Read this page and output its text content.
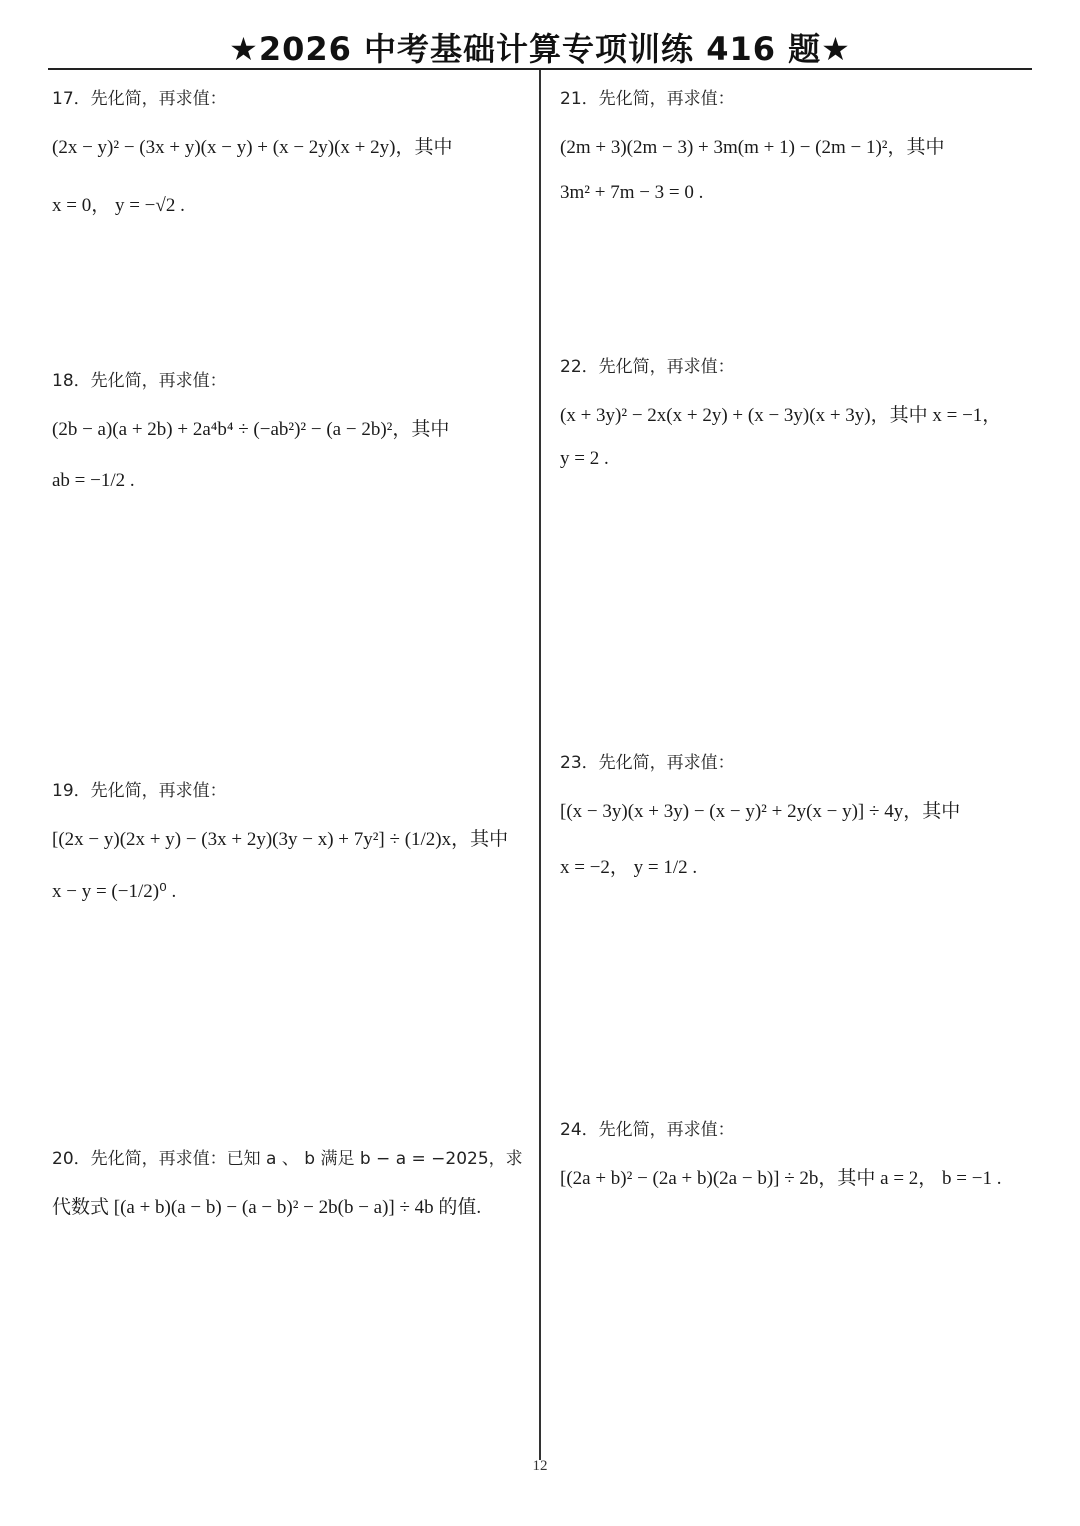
★2026 中考基础计算专项训练 416 题★
17．先化简，再求值：
(2x − y)² − (3x + y)(x − y) + (x − 2y)(x + 2y)，其中
x = 0， y = −√2 .
18．先化简，再求值：
(2b − a)(a + 2b) + 2a⁴b⁴ ÷ (−ab²)² − (a − 2b)²，其中
ab = −1/2 .
19．先化简，再求值：
[(2x − y)(2x + y) − (3x + 2y)(3y − x) + 7y²] ÷ (1/2)x，其中
x − y = (−1/2)⁰ .
20．先化简，再求值：已知 a 、 b 满足 b − a = −2025，求
代数式 [(a + b)(a − b) − (a − b)² − 2b(b − a)] ÷ 4b 的值.
21．先化简，再求值：
(2m + 3)(2m − 3) + 3m(m + 1) − (2m − 1)²，其中
3m² + 7m − 3 = 0 .
22．先化简，再求值：
(x + 3y)² − 2x(x + 2y) + (x − 3y)(x + 3y)，其中 x = −1，
y = 2 .
23．先化简，再求值：
[(x − 3y)(x + 3y) − (x − y)² + 2y(x − y)] ÷ 4y，其中
x = −2， y = 1/2 .
24．先化简，再求值：
[(2a + b)² − (2a + b)(2a − b)] ÷ 2b，其中 a = 2， b = −1 .
12
